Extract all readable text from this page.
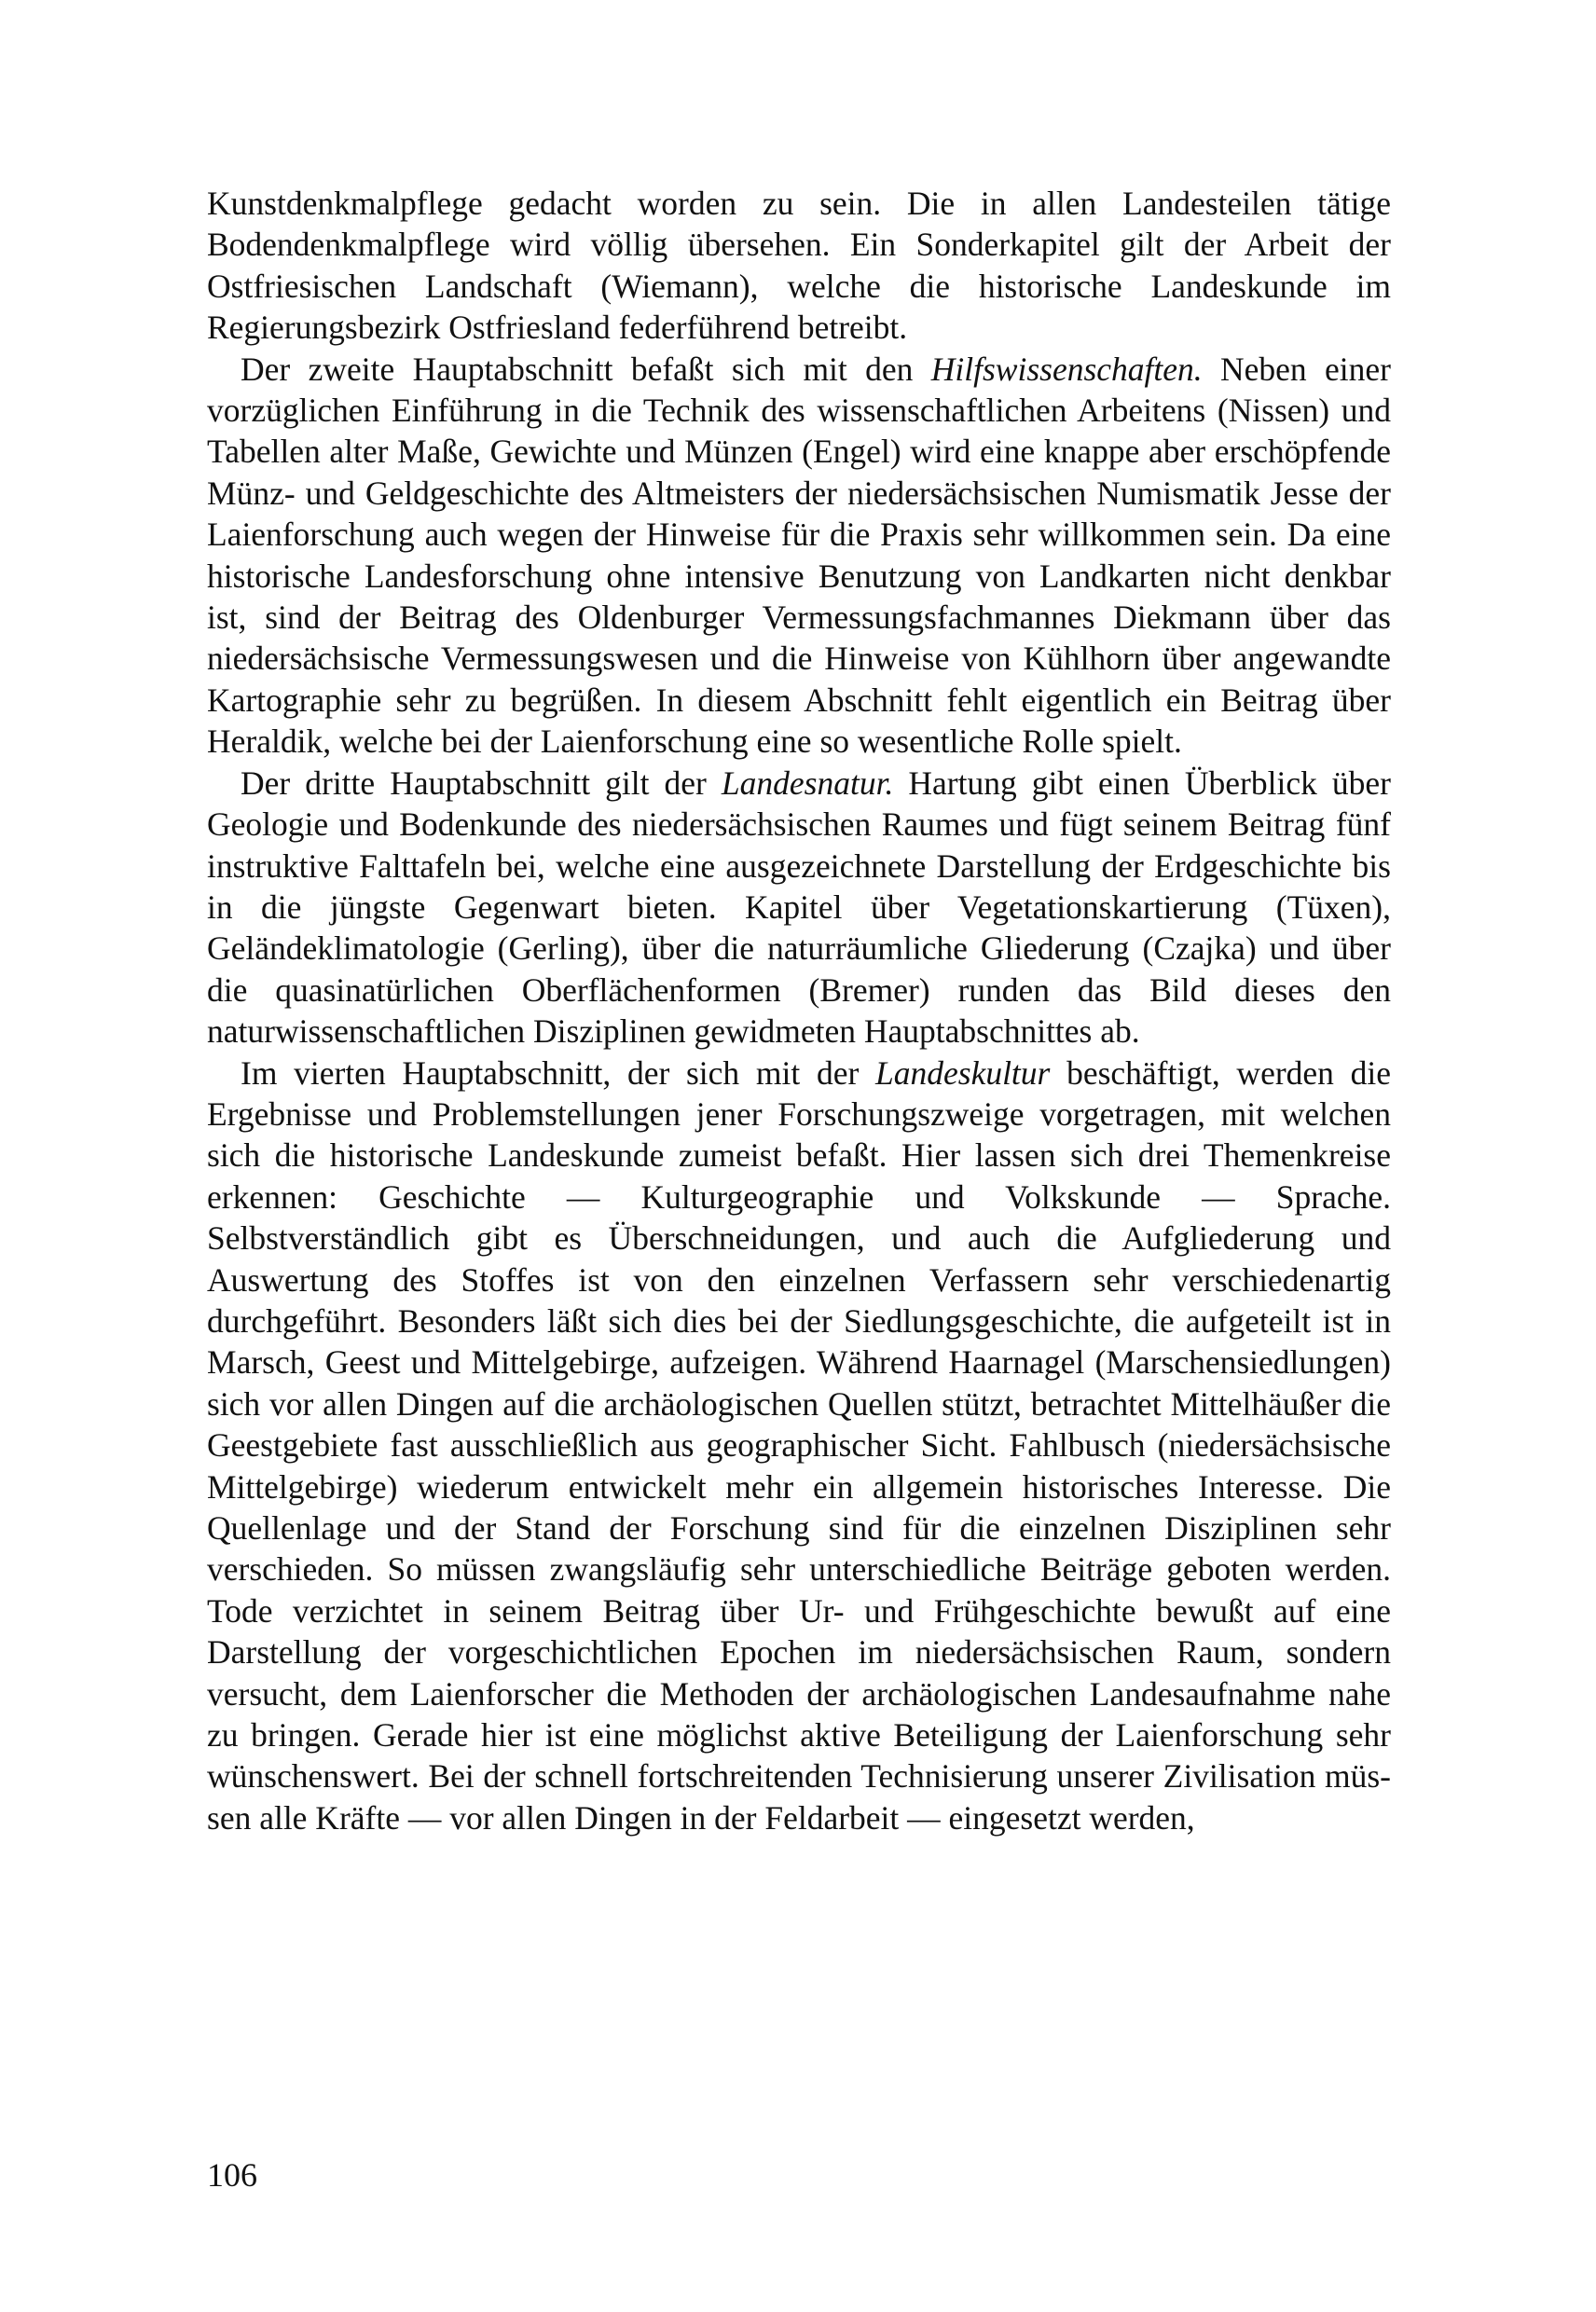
Kunstdenkmalpflege gedacht worden zu sein. Die in allen Landesteilen tätige Bodendenkmalpflege wird völlig übersehen. Ein Sonderkapitel gilt der Arbeit der Ostfriesischen Landschaft (Wiemann), welche die historische Landeskunde im Regierungsbezirk Ostfriesland federführend betreibt.

Der zweite Hauptabschnitt befaßt sich mit den Hilfswissenschaften. Neben einer vorzüglichen Einführung in die Technik des wissenschaftlichen Arbeitens (Nissen) und Tabellen alter Maße, Gewichte und Münzen (Engel) wird eine knappe aber erschöpfende Münz- und Geldgeschichte des Altmeisters der niedersächsischen Numismatik Jesse der Laienforschung auch wegen der Hinweise für die Praxis sehr willkommen sein. Da eine historische Landesforschung ohne intensive Benutzung von Landkarten nicht denkbar ist, sind der Beitrag des Oldenburger Vermessungsfachmannes Diekmann über das niedersächsische Vermessungswesen und die Hinweise von Kühlhorn über angewandte Kartographie sehr zu begrüßen. In diesem Abschnitt fehlt eigentlich ein Beitrag über Heraldik, welche bei der Laienforschung eine so wesentliche Rolle spielt.

Der dritte Hauptabschnitt gilt der Landesnatur. Hartung gibt einen Überblick über Geologie und Bodenkunde des niedersächsischen Raumes und fügt seinem Beitrag fünf instruktive Falttafeln bei, welche eine ausgezeichnete Darstellung der Erdgeschichte bis in die jüngste Gegenwart bieten. Kapitel über Vegetationskartierung (Tüxen), Geländeklimatologie (Gerling), über die naturräumliche Gliederung (Czajka) und über die quasinatürlichen Oberflächenformen (Bremer) runden das Bild dieses den naturwissenschaftlichen Disziplinen gewidmeten Hauptabschnittes ab.

Im vierten Hauptabschnitt, der sich mit der Landeskultur beschäftigt, werden die Ergebnisse und Problemstellungen jener Forschungszweige vorgetragen, mit welchen sich die historische Landeskunde zumeist befaßt. Hier lassen sich drei Themenkreise erkennen: Geschichte — Kulturgeographie und Volkskunde — Sprache. Selbstverständlich gibt es Überschneidungen, und auch die Aufgliederung und Auswertung des Stoffes ist von den einzelnen Verfassern sehr verschiedenartig durchgeführt. Besonders läßt sich dies bei der Siedlungsgeschichte, die aufgeteilt ist in Marsch, Geest und Mittelgebirge, aufzeigen. Während Haarnagel (Marschensiedlungen) sich vor allen Dingen auf die archäologischen Quellen stützt, betrachtet Mittelhäußer die Geestgebiete fast ausschließlich aus geographischer Sicht. Fahlbusch (niedersächsische Mittelgebirge) wiederum entwickelt mehr ein allgemein historisches Interesse. Die Quellenlage und der Stand der Forschung sind für die einzelnen Disziplinen sehr verschieden. So müssen zwangsläufig sehr unterschiedliche Beiträge geboten werden. Tode verzichtet in seinem Beitrag über Ur- und Frühgeschichte bewußt auf eine Darstellung der vorgeschichtlichen Epochen im niedersächsischen Raum, sondern versucht, dem Laienforscher die Methoden der archäologischen Landesaufnahme nahe zu bringen. Gerade hier ist eine möglichst aktive Beteiligung der Laienforschung sehr wünschenswert. Bei der schnell fortschreitenden Technisierung unserer Zivilisation müssen alle Kräfte — vor allen Dingen in der Feldarbeit — eingesetzt werden,

106
